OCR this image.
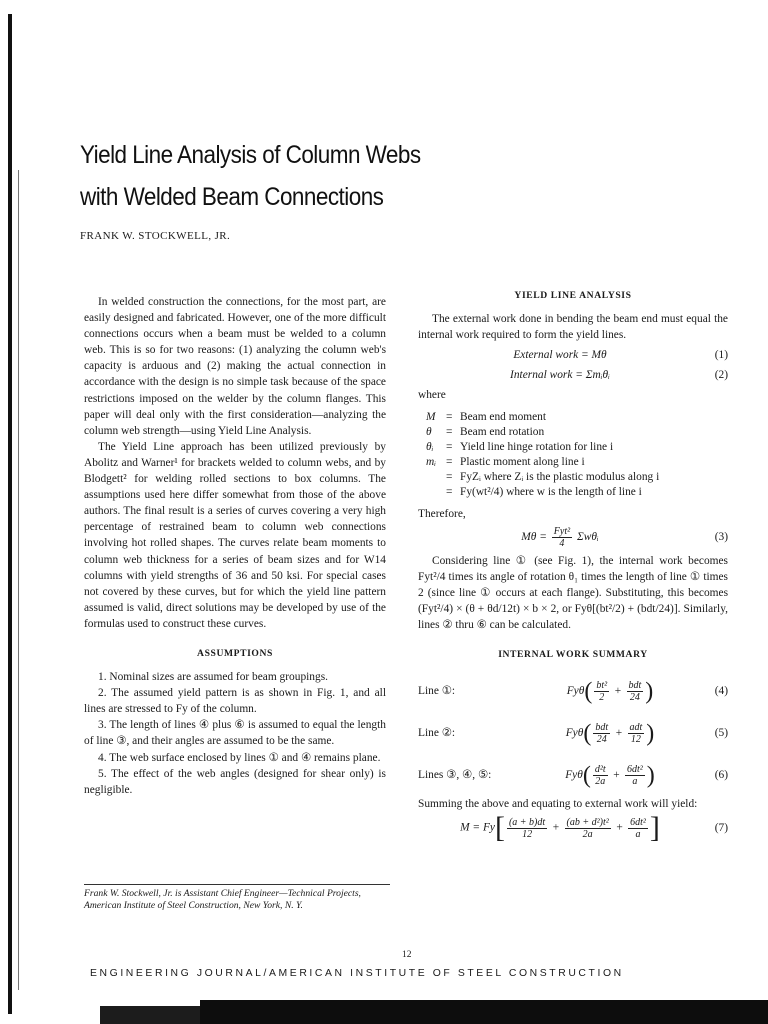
Yield Line Analysis of Column Webs
with Welded Beam Connections
FRANK W. STOCKWELL, JR.

In welded construction the connections, for the most part, are easily designed and fabricated. However, one of the more difficult connections occurs when a beam must be welded to a column web. This is so for two reasons: (1) analyzing the column web's capacity is arduous and (2) making the actual connection in accordance with the design is no simple task because of the space restrictions imposed on the welder by the column flanges. This paper will deal only with the first consideration—analyzing the column web strength—using Yield Line Analysis.

The Yield Line approach has been utilized previously by Abolitz and Warner¹ for brackets welded to column webs, and by Blodgett² for welding rolled sections to box columns. The assumptions used here differ somewhat from those of the above authors. The final result is a series of curves covering a very high percentage of restrained beam to column web connections involving hot rolled shapes. The curves relate beam moments to column web thickness for a series of beam sizes and for W14 columns with yield strengths of 36 and 50 ksi. For special cases not covered by these curves, but for which the yield line pattern assumed is valid, direct solutions may be developed by use of the formulas used to construct these curves.

ASSUMPTIONS
1. Nominal sizes are assumed for beam groupings.
2. The assumed yield pattern is as shown in Fig. 1, and all lines are stressed to Fy of the column.
3. The length of lines ④ plus ⑥ is assumed to equal the length of line ③, and their angles are assumed to be the same.
4. The web surface enclosed by lines ① and ④ remains plane.
5. The effect of the web angles (designed for shear only) is negligible.
YIELD LINE ANALYSIS

The external work done in bending the beam end must equal the internal work required to form the yield lines.

External work = Mθ	(1)
Internal work = Σmᵢθᵢ	(2)

where

M = Beam end moment
θ	= Beam end rotation
θᵢ	= Yield line hinge rotation for line i
mᵢ = Plastic moment along line i
= FyZᵢ where Zᵢ is the plastic modulus along i
= Fy(wt²/4) where w is the length of line i

Therefore,

$M\theta = \frac{\text{Fyt²}}{4}$ Σwθᵢ	(3)

Considering line ① (see Fig. 1), the internal work becomes Fyt²/4 times its angle of rotation θ₁ times the length of line ① times 2 (since line ① occurs at each flange). Substituting, this becomes (Fyt²/4) × (θ + θd/12t) × b × 2, or Fyθ[(bt²/2) + (bdt/24)]. Similarly, lines ② thru ⑥ can be calculated.

INTERNAL WORK SUMMARY
Line ①:	$Fy\theta( \frac{\text{bt²}}{2} + \frac{\text{bdt}}{24}$ )	(4)
Line ②:	$Fy\theta( \frac{\text{bdt}}{24} + \frac{\text{adt}}{12}$ )	(5)
Lines ③, ④, ⑤:	$Fy\theta( \frac{\text{d²t}}{2a} + \frac{\text{6dt²}}{a}$ )	(6)

Summing the above and equating to external work will yield:

$M = Fy[ \frac{(a + b)dt}{12} + \frac{\text{(ab + d²)t²}}{2a} + \frac{\text{6dt²}}{a}$ ]	(7)
Frank W. Stockwell, Jr. is Assistant Chief Engineer—Technical Projects, American Institute of Steel Construction, New York, N. Y.
12
ENGINEERING JOURNAL/AMERICAN INSTITUTE OF STEEL CONSTRUCTION
